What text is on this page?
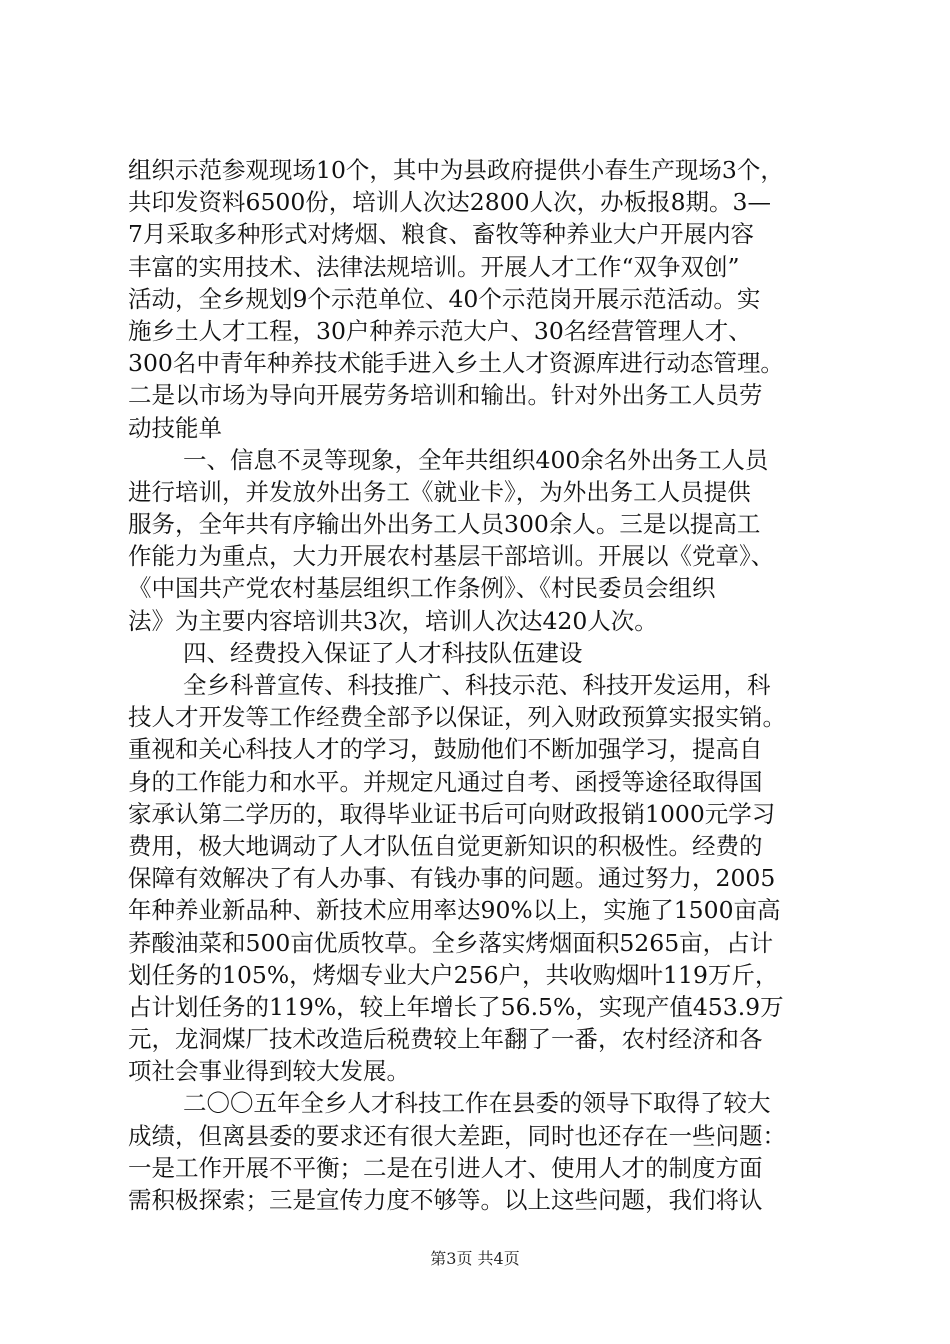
组织示范参观现场10个，其中为县政府提供小春生产现场3个，
共印发资料6500份，培训人次达2800人次，办板报8期。3—
7月采取多种形式对烤烟、粮食、畜牧等种养业大户开展内容
丰富的实用技术、法律法规培训。开展人才工作“双争双创”
活动，全乡规划9个示范单位、40个示范岗开展示范活动。实
施乡土人才工程，30户种养示范大户、30名经营管理人才、
300名中青年种养技术能手进入乡土人才资源库进行动态管理。
二是以市场为导向开展劳务培训和输出。针对外出务工人员劳
动技能单
一、信息不灵等现象，全年共组织400余名外出务工人员
进行培训，并发放外出务工《就业卡》，为外出务工人员提供
服务，全年共有序输出外出务工人员300余人。三是以提高工
作能力为重点，大力开展农村基层干部培训。开展以《党章》、
《中国共产党农村基层组织工作条例》、《村民委员会组织
法》为主要内容培训共3次，培训人次达420人次。
四、经费投入保证了人才科技队伍建设
全乡科普宣传、科技推广、科技示范、科技开发运用，科
技人才开发等工作经费全部予以保证，列入财政预算实报实销。
重视和关心科技人才的学习，鼓励他们不断加强学习，提高自
身的工作能力和水平。并规定凡通过自考、函授等途径取得国
家承认第二学历的，取得毕业证书后可向财政报销1000元学习
费用，极大地调动了人才队伍自觉更新知识的积极性。经费的
保障有效解决了有人办事、有钱办事的问题。通过努力，2005
年种养业新品种、新技术应用率达90%以上，实施了1500亩高
荞酸油菜和500亩优质牧草。全乡落实烤烟面积5265亩，占计
划任务的105%，烤烟专业大户256户，共收购烟叶119万斤，
占计划任务的119%，较上年增长了56.5%，实现产值453.9万
元，龙洞煤厂技术改造后税费较上年翻了一番，农村经济和各
项社会事业得到较大发展。
二〇〇五年全乡人才科技工作在县委的领导下取得了较大
成绩，但离县委的要求还有很大差距，同时也还存在一些问题：
一是工作开展不平衡；二是在引进人才、使用人才的制度方面
需积极探索；三是宣传力度不够等。以上这些问题，我们将认
第3页 共4页
